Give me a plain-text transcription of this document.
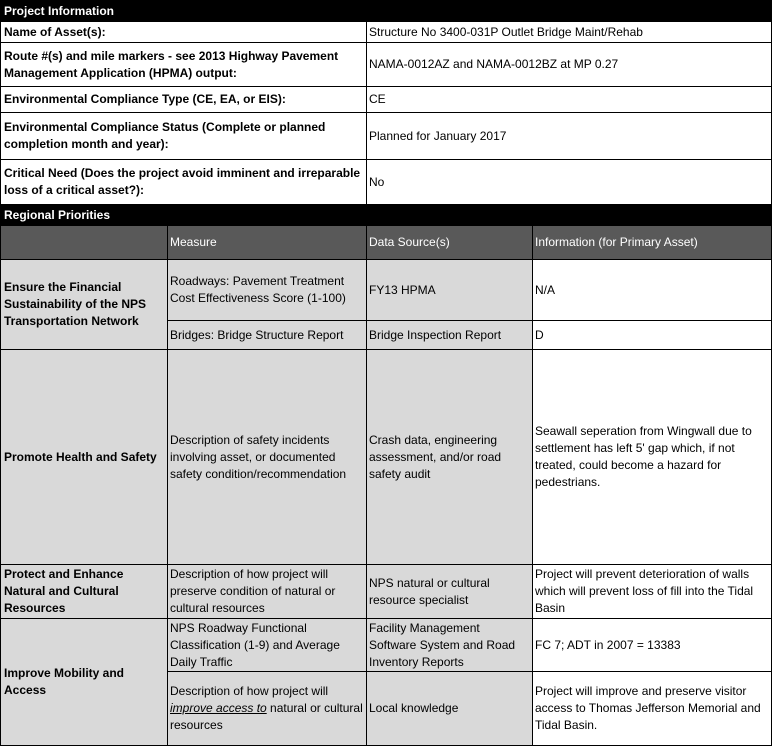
Project Information			
Name of Asset(s):		Structure No 3400-031P Outlet Bridge Maint/Rehab	
Route #(s) and mile markers - see 2013 Highway Pavement Management Application (HPMA) output:		NAMA-0012AZ and NAMA-0012BZ at MP 0.27	
Environmental Compliance Type (CE, EA, or EIS):		CE	
Environmental Compliance Status (Complete or planned completion month and year):		Planned for January 2017	
Critical Need (Does the project avoid imminent and irreparable loss of a critical asset?):		No	
Regional Priorities			
	Measure	Data Source(s)	Information (for Primary Asset)
Ensure the Financial Sustainability of the NPS Transportation Network	Roadways: Pavement Treatment Cost Effectiveness Score (1-100)	FY13 HPMA	N/A
	Bridges: Bridge Structure Report	Bridge Inspection Report	D
Promote Health and Safety	Description of safety incidents involving asset, or documented safety condition/recommendation	Crash data, engineering assessment, and/or road safety audit	Seawall seperation from Wingwall due to settlement has left 5' gap which, if not treated, could become a hazard for pedestrians.
Protect and Enhance Natural and Cultural Resources	Description of how project will preserve condition of natural or cultural resources	NPS natural or cultural resource specialist	Project will prevent deterioration of walls which will prevent loss of fill into the Tidal Basin
Improve Mobility and Access	NPS Roadway Functional Classification (1-9) and Average Daily Traffic	Facility Management Software System and Road Inventory Reports	FC 7; ADT in 2007 = 13383
	Description of how project will improve access to natural or cultural resources	Local knowledge	Project will improve and preserve visitor access to Thomas Jefferson Memorial and Tidal Basin.
